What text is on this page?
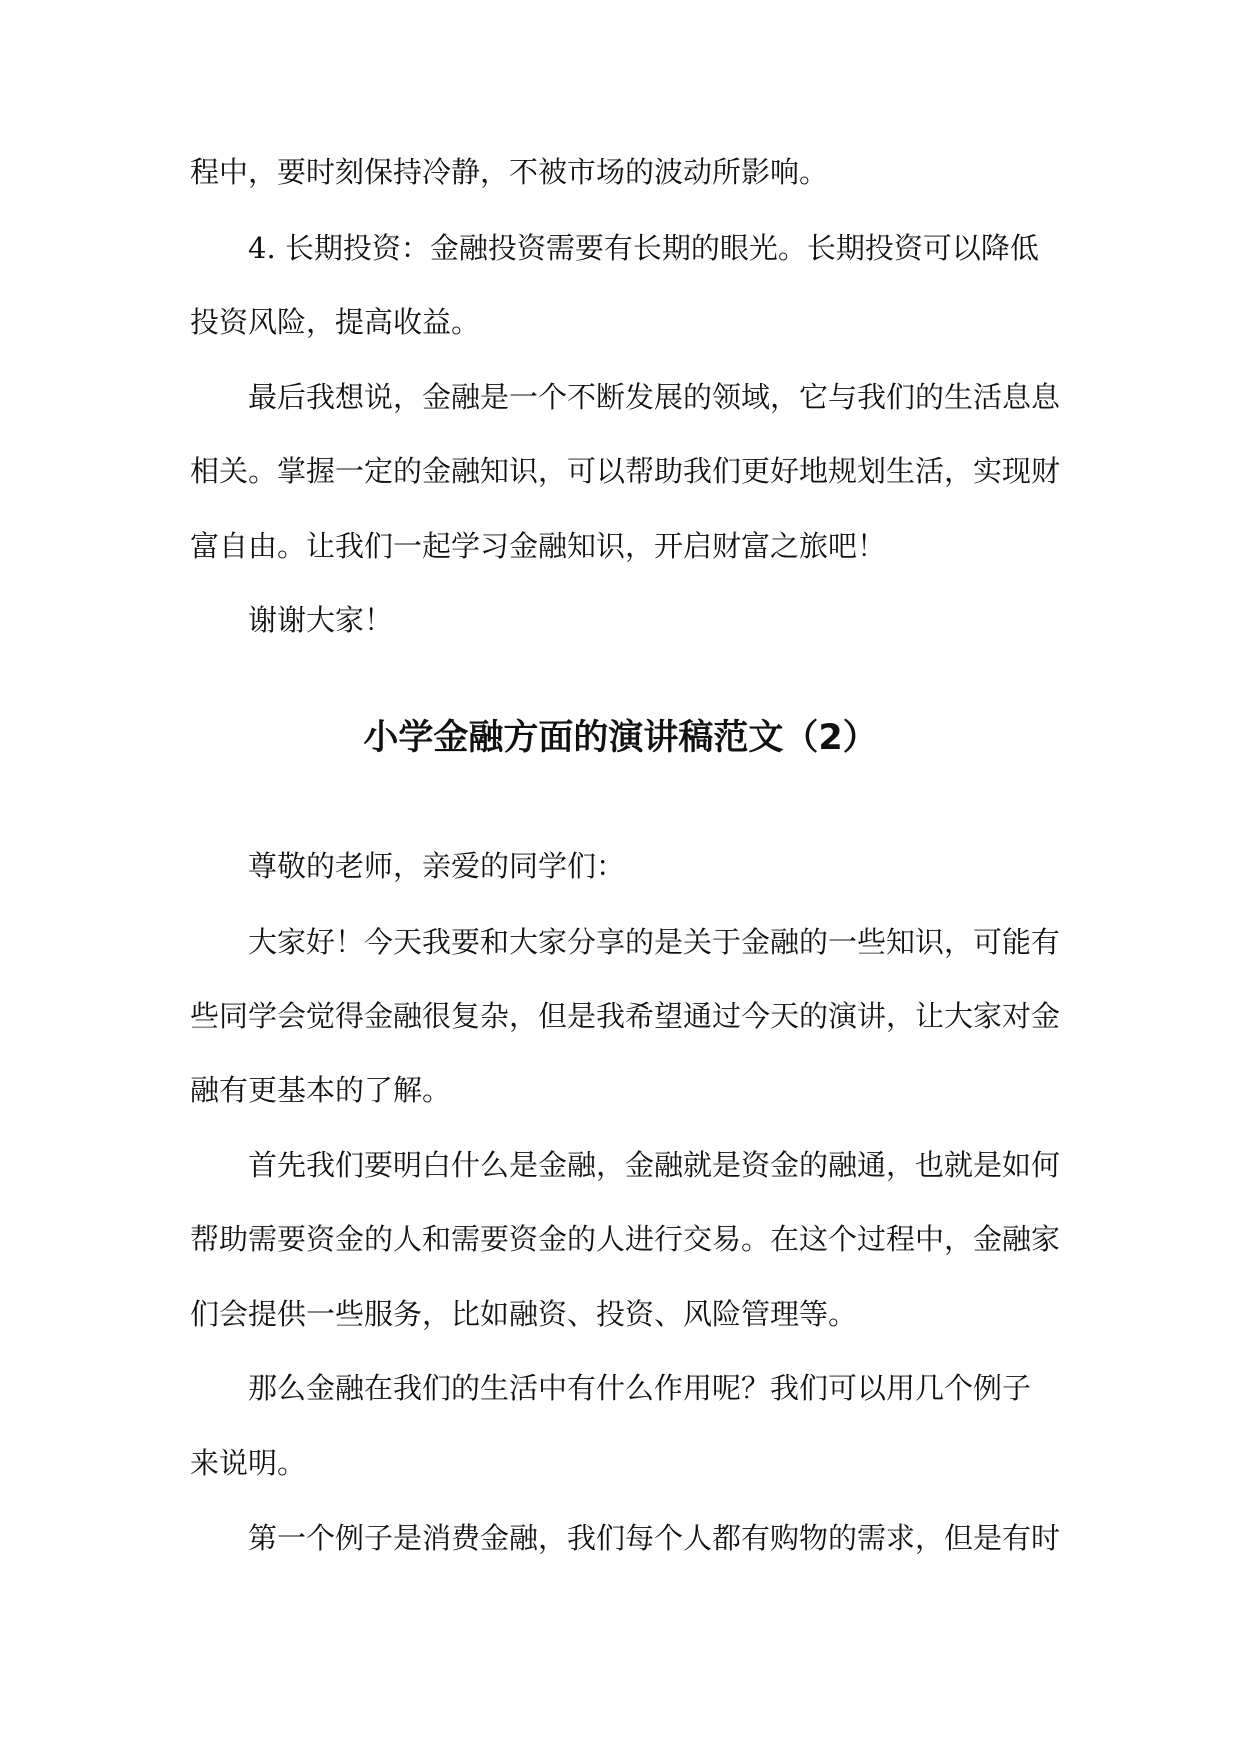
程中，要时刻保持冷静，不被市场的波动所影响。
4. 长期投资：金融投资需要有长期的眼光。长期投资可以降低
投资风险，提高收益。
最后我想说，金融是一个不断发展的领域，它与我们的生活息息
相关。掌握一定的金融知识，可以帮助我们更好地规划生活，实现财
富自由。让我们一起学习金融知识，开启财富之旅吧！
谢谢大家！
小学金融方面的演讲稿范文（2）
尊敬的老师，亲爱的同学们：
大家好！今天我要和大家分享的是关于金融的一些知识，可能有
些同学会觉得金融很复杂，但是我希望通过今天的演讲，让大家对金
融有更基本的了解。
首先我们要明白什么是金融，金融就是资金的融通，也就是如何
帮助需要资金的人和需要资金的人进行交易。在这个过程中，金融家
们会提供一些服务，比如融资、投资、风险管理等。
那么金融在我们的生活中有什么作用呢？我们可以用几个例子
来说明。
第一个例子是消费金融，我们每个人都有购物的需求，但是有时
